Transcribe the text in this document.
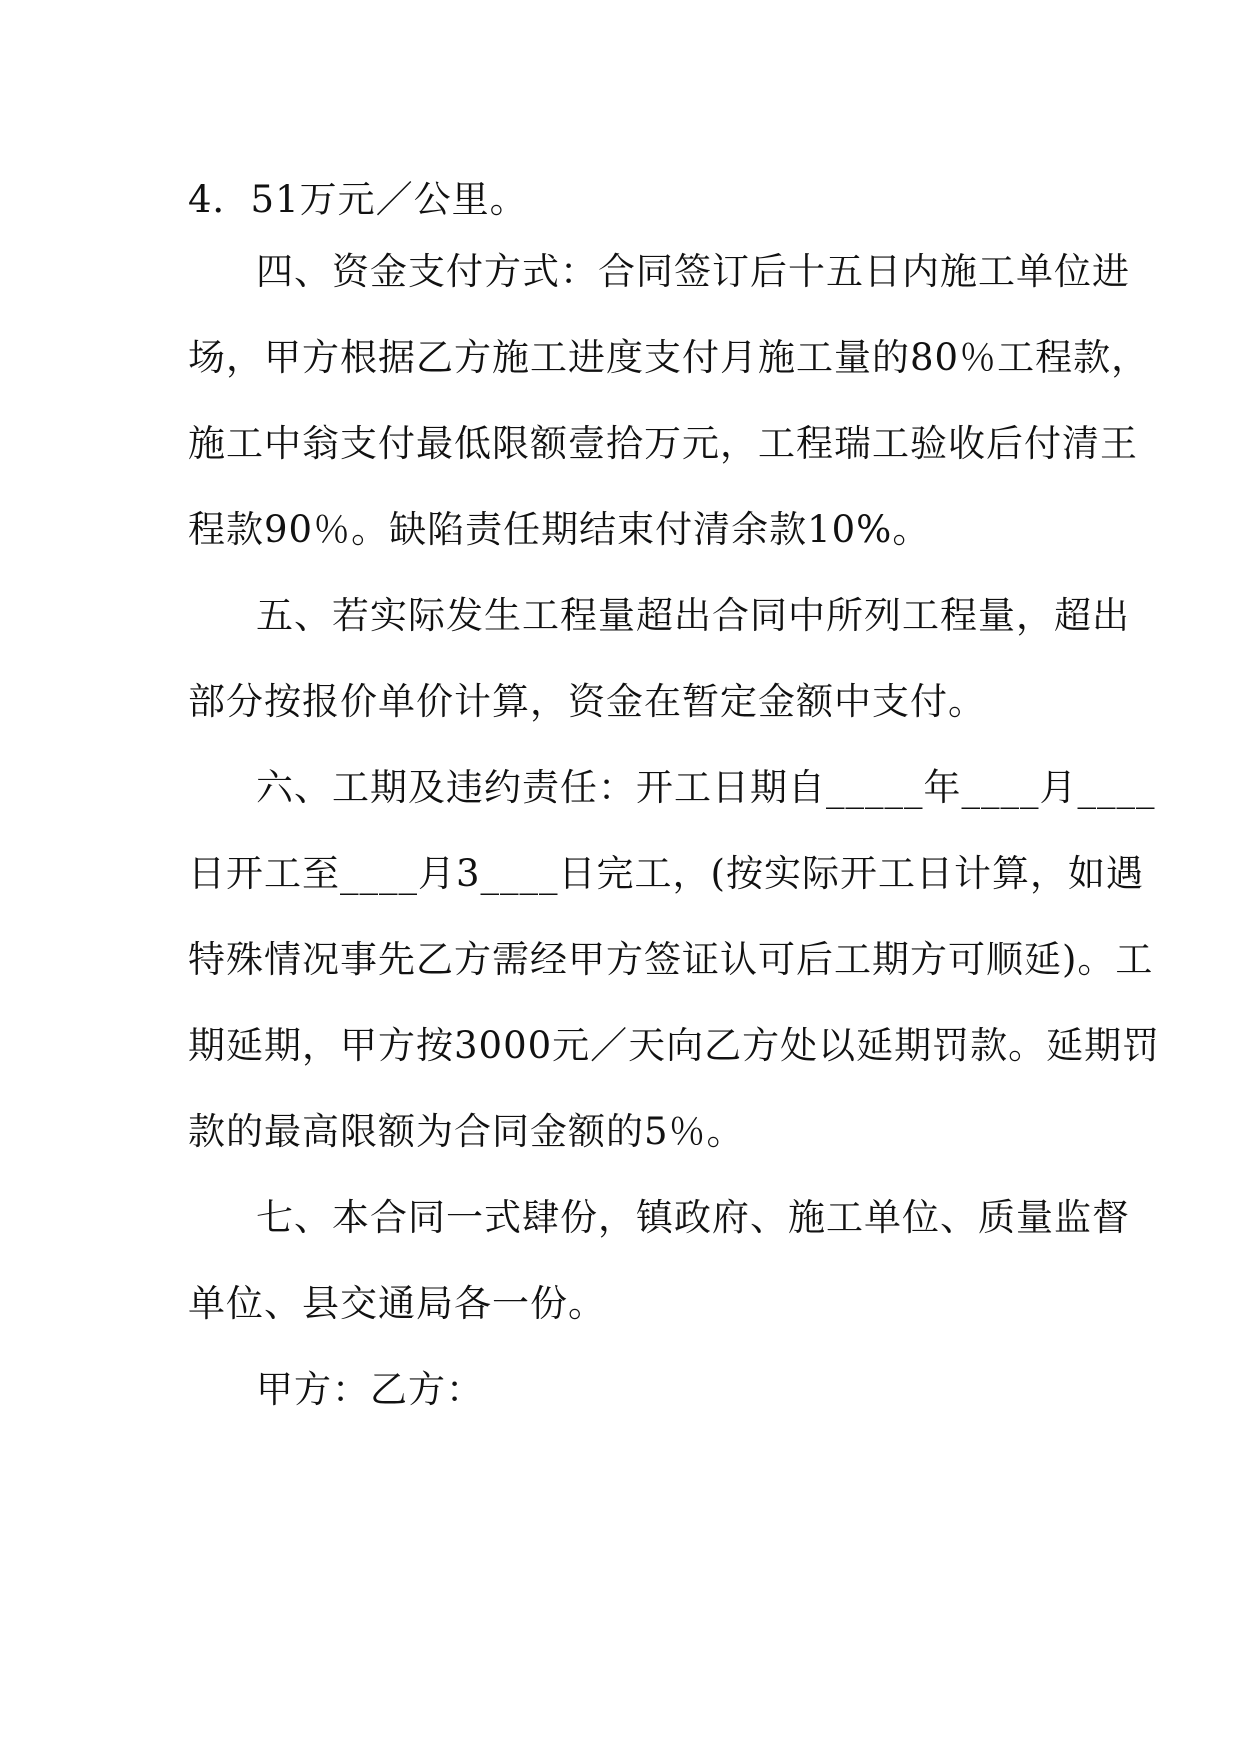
4．51万元／公里。
四、资金支付方式：合同签订后十五日内施工单位进
场，甲方根据乙方施工进度支付月施工量的80％工程款，
施工中翁支付最低限额壹拾万元，工程瑞工验收后付清王
程款90％。缺陷责任期结束付清余款10%。
五、若实际发生工程量超出合同中所列工程量，超出
部分按报价单价计算，资金在暂定金额中支付。
六、工期及违约责任：开工日期自_____年____月____
日开工至____月3____日完工，(按实际开工日计算，如遇
特殊情况事先乙方需经甲方签证认可后工期方可顺延)。工
期延期，甲方按3000元／天向乙方处以延期罚款。延期罚
款的最高限额为合同金额的5％。
七、本合同一式肆份，镇政府、施工单位、质量监督
单位、县交通局各一份。
甲方：乙方：
